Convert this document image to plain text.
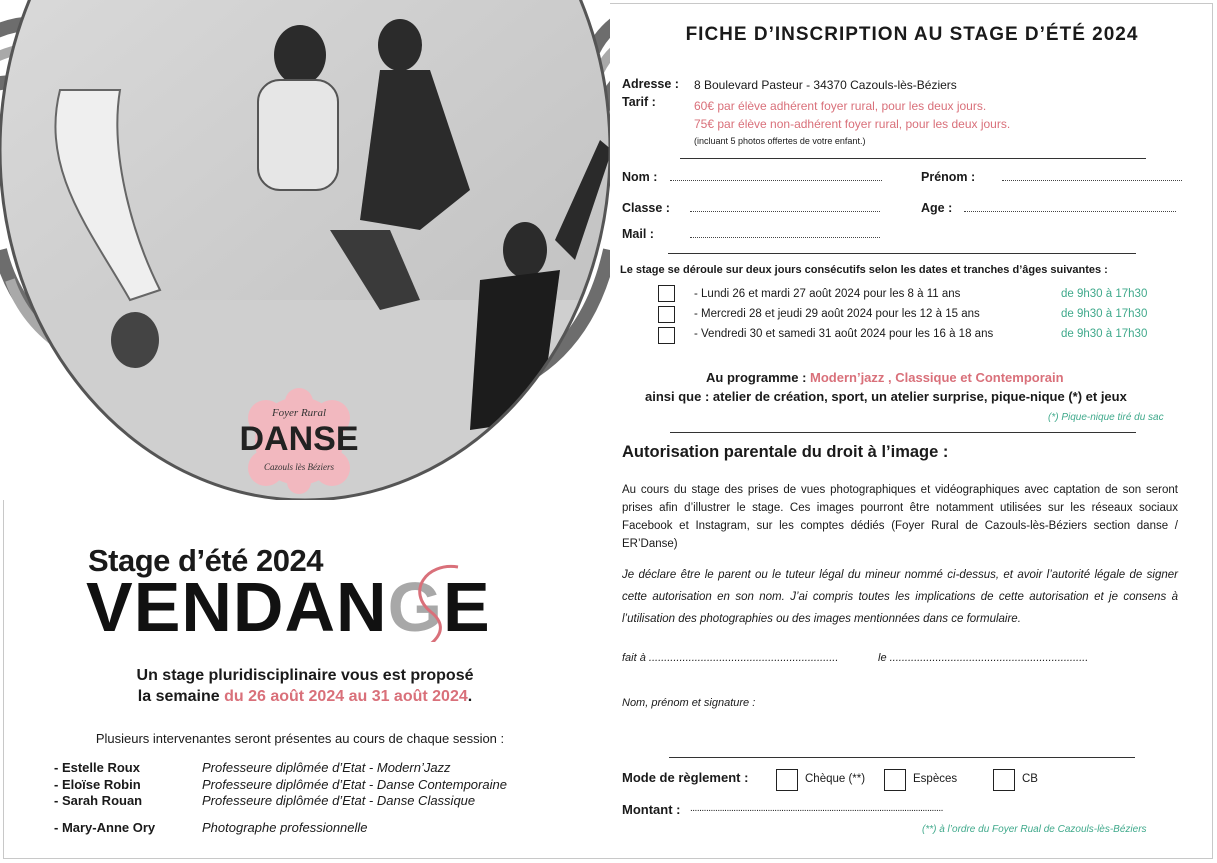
Foyer Rural
DANSE
Cazouls lès Béziers
Stage d’été 2024
VENDANGE
Un stage pluridisciplinaire vous est proposé
la semaine du 26 août 2024 au 31 août 2024.
Plusieurs intervenantes seront présentes au cours de chaque session :
- Estelle Roux	Professeure diplômée d’Etat - Modern’Jazz
- Eloïse Robin	Professeure diplômée d’Etat - Danse Contemporaine
- Sarah Rouan	Professeure diplômée d’Etat - Danse Classique
- Mary-Anne Ory	Photographe professionnelle
FICHE D’INSCRIPTION AU STAGE D’ÉTÉ 2024
Adresse : 8 Boulevard Pasteur - 34370 Cazouls-lès-Béziers
Tarif :	60€ par élève adhérent foyer rural, pour les deux jours.
75€ par élève non-adhérent foyer rural, pour les deux jours.
(incluant 5 photos offertes de votre enfant.)
Nom :	Prénom :
Classe :	Age :
Mail :
Le stage se déroule sur deux jours consécutifs selon les dates et tranches d’âges suivantes :
- Lundi 26 et mardi 27 août 2024 pour les 8 à 11 ans	de 9h30 à 17h30
- Mercredi 28 et jeudi 29 août 2024 pour les 12 à 15 ans	de 9h30 à 17h30
- Vendredi 30 et samedi 31 août 2024 pour les 16 à 18 ans	de 9h30 à 17h30
Au programme : Modern’jazz , Classique et Contemporain
ainsi que : atelier de création, sport, un atelier surprise, pique-nique (*) et jeux
(*) Pique-nique tiré du sac
Autorisation parentale du droit à l’image :
Au cours du stage des prises de vues photographiques et vidéographiques avec captation de son seront prises afin d’illustrer le stage. Ces images pourront être notamment utilisées sur les réseaux sociaux Facebook et Instagram, sur les comptes dédiés (Foyer Rural de Cazouls-lès-Béziers section danse / ER’Danse)
Je déclare être le parent ou le tuteur légal du mineur nommé ci-dessus, et avoir l’autorité légale de signer cette autorisation en son nom. J’ai compris toutes les implications de cette autorisation et je consens à l’utilisation des photographies ou des images mentionnées dans ce formulaire.
fait à ..............................................................	le .................................................................
Nom, prénom et signature :
Mode de règlement :	Chèque (**)	Espèces	CB
Montant : ...............................................................................................................
(**) à l’ordre du Foyer Rual de Cazouls-lès-Béziers
